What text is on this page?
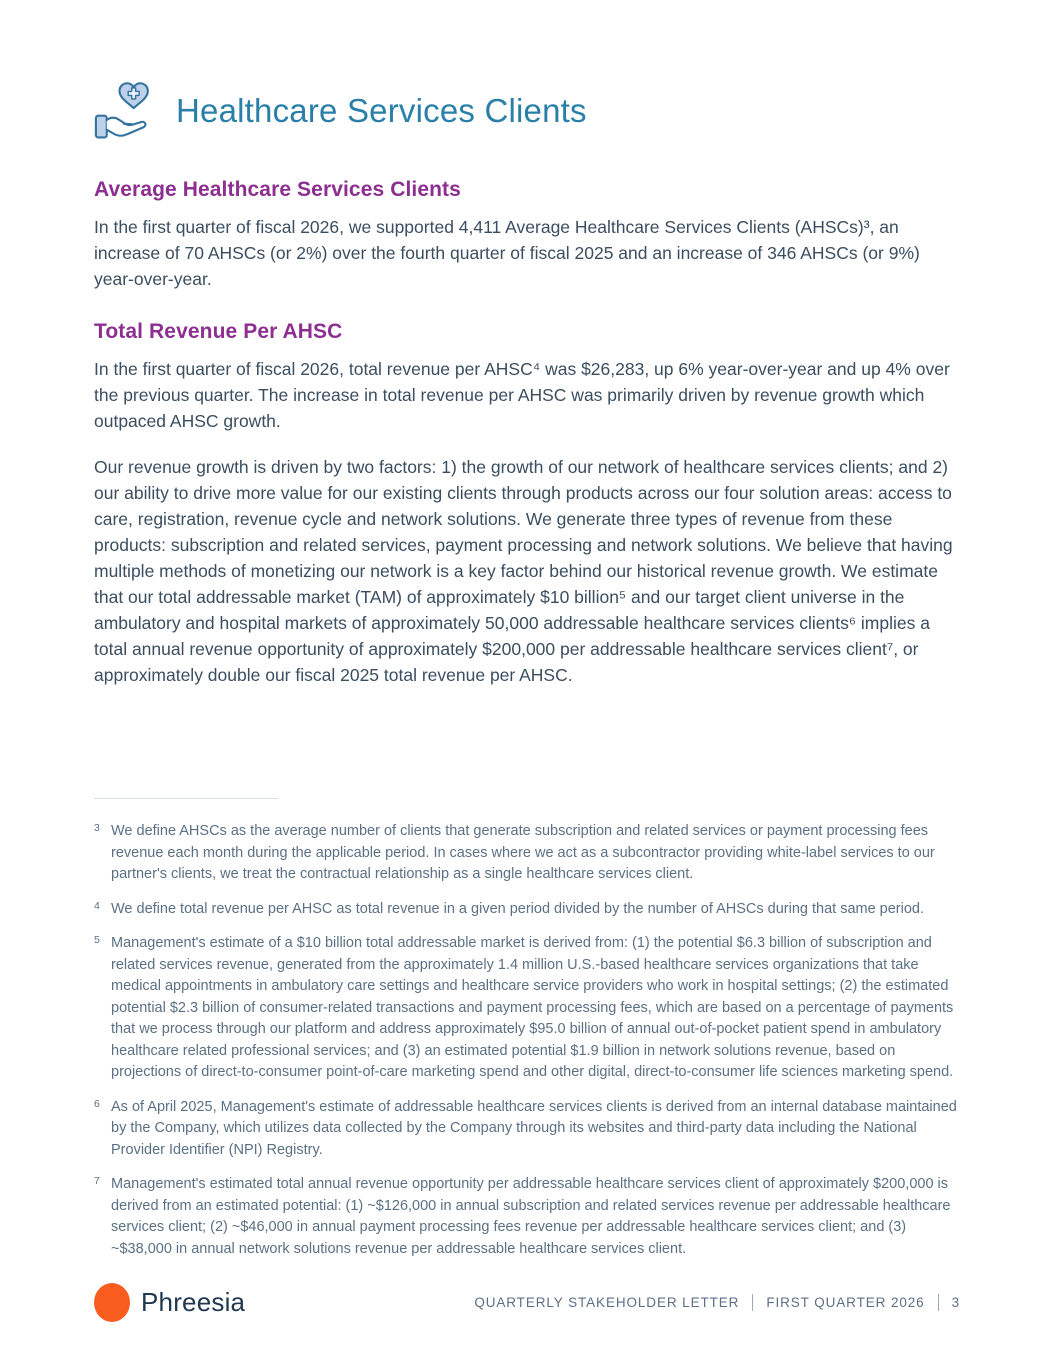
Healthcare Services Clients
Average Healthcare Services Clients

In the first quarter of fiscal 2026, we supported 4,411 Average Healthcare Services Clients (AHSCs)³, an increase of 70 AHSCs (or 2%) over the fourth quarter of fiscal 2025 and an increase of 346 AHSCs (or 9%) year-over-year.

Total Revenue Per AHSC

In the first quarter of fiscal 2026, total revenue per AHSC⁴ was $26,283, up 6% year-over-year and up 4% over the previous quarter. The increase in total revenue per AHSC was primarily driven by revenue growth which outpaced AHSC growth.

Our revenue growth is driven by two factors: 1) the growth of our network of healthcare services clients; and 2) our ability to drive more value for our existing clients through products across our four solution areas: access to care, registration, revenue cycle and network solutions. We generate three types of revenue from these products: subscription and related services, payment processing and network solutions. We believe that having multiple methods of monetizing our network is a key factor behind our historical revenue growth. We estimate that our total addressable market (TAM) of approximately $10 billion⁵ and our target client universe in the ambulatory and hospital markets of approximately 50,000 addressable healthcare services clients⁶ implies a total annual revenue opportunity of approximately $200,000 per addressable healthcare services client⁷, or approximately double our fiscal 2025 total revenue per AHSC.

3 We define AHSCs as the average number of clients that generate subscription and related services or payment processing fees revenue each month during the applicable period. In cases where we act as a subcontractor providing white-label services to our partner's clients, we treat the contractual relationship as a single healthcare services client.
4 We define total revenue per AHSC as total revenue in a given period divided by the number of AHSCs during that same period.
5 Management's estimate of a $10 billion total addressable market is derived from: (1) the potential $6.3 billion of subscription and related services revenue, generated from the approximately 1.4 million U.S.-based healthcare services organizations that take medical appointments in ambulatory care settings and healthcare service providers who work in hospital settings; (2) the estimated potential $2.3 billion of consumer-related transactions and payment processing fees, which are based on a percentage of payments that we process through our platform and address approximately $95.0 billion of annual out-of-pocket patient spend in ambulatory healthcare related professional services; and (3) an estimated potential $1.9 billion in network solutions revenue, based on projections of direct-to-consumer point-of-care marketing spend and other digital, direct-to-consumer life sciences marketing spend.
6 As of April 2025, Management's estimate of addressable healthcare services clients is derived from an internal database maintained by the Company, which utilizes data collected by the Company through its websites and third-party data including the National Provider Identifier (NPI) Registry.
7 Management's estimated total annual revenue opportunity per addressable healthcare services client of approximately $200,000 is derived from an estimated potential: (1) ~$126,000 in annual subscription and related services revenue per addressable healthcare services client; (2) ~$46,000 in annual payment processing fees revenue per addressable healthcare services client; and (3) ~$38,000 in annual network solutions revenue per addressable healthcare services client.
Phreesia	QUARTERLY STAKEHOLDER LETTER FIRST QUARTER 2026 3
